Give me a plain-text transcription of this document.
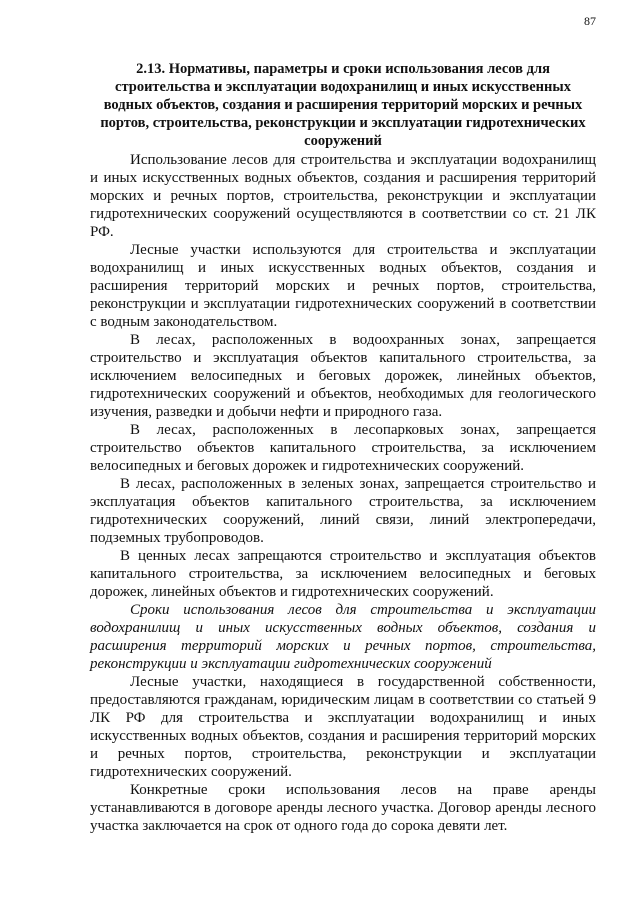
87

2.13. Нормативы, параметры и сроки использования лесов для строительства и эксплуатации водохранилищ и иных искусственных водных объектов, создания и расширения территорий морских и речных портов, строительства, реконструкции и эксплуатации гидротехнических сооружений

Использование лесов для строительства и эксплуатации водохранилищ и иных искусственных водных объектов, создания и расширения территорий морских и речных портов, строительства, реконструкции и эксплуатации гидротехнических сооружений осуществляются в соответствии со ст. 21 ЛК РФ.

Лесные участки используются для строительства и эксплуатации водохранилищ и иных искусственных водных объектов, создания и расширения территорий морских и речных портов, строительства, реконструкции и эксплуатации гидротехнических сооружений в соответствии с водным законодательством.

В лесах, расположенных в водоохранных зонах, запрещается строительство и эксплуатация объектов капитального строительства, за исключением велосипедных и беговых дорожек, линейных объектов, гидротехнических сооружений и объектов, необходимых для геологического изучения, разведки и добычи нефти и природного газа.

В лесах, расположенных в лесопарковых зонах, запрещается строительство объектов капитального строительства, за исключением велосипедных и беговых дорожек и гидротехнических сооружений.

В лесах, расположенных в зеленых зонах, запрещается строительство и эксплуатация объектов капитального строительства, за исключением гидротехнических сооружений, линий связи, линий электропередачи, подземных трубопроводов.

В ценных лесах запрещаются строительство и эксплуатация объектов капитального строительства, за исключением велосипедных и беговых дорожек, линейных объектов и гидротехнических сооружений.

Сроки использования лесов для строительства и эксплуатации водохранилищ и иных искусственных водных объектов, создания и расширения территорий морских и речных портов, строительства, реконструкции и эксплуатации гидротехнических сооружений

Лесные участки, находящиеся в государственной собственности, предоставляются гражданам, юридическим лицам в соответствии со статьей 9 ЛК РФ для строительства и эксплуатации водохранилищ и иных искусственных водных объектов, создания и расширения территорий морских и речных портов, строительства, реконструкции и эксплуатации гидротехнических сооружений.

Конкретные сроки использования лесов на праве аренды устанавливаются в договоре аренды лесного участка. Договор аренды лесного участка заключается на срок от одного года до сорока девяти лет.
